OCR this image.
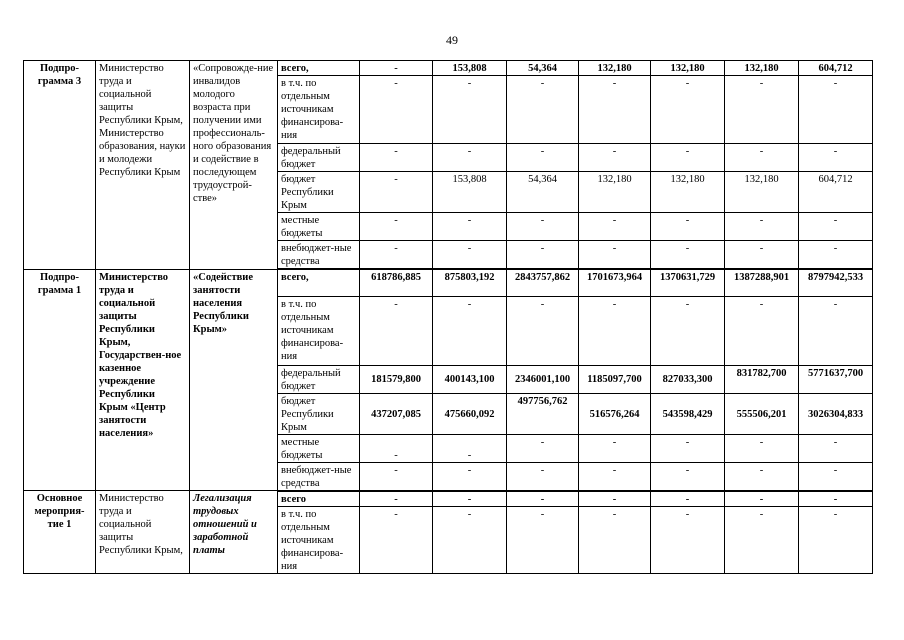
49
Подпро-
грамма 3	Министерство труда и социальной защиты Республики Крым, Министерство образования, науки и молодежи Республики Крым	«Сопровожде-ние инвалидов молодого возраста при получении ими профессиональ-ного образования и содействие в последующем трудоустрой-стве»	всего,	-	153,808	54,364	132,180	132,180	132,180	604,712
			в т.ч. по отдельным источникам финансирова-ния	-	-	-	-	-	-	-
			федеральный бюджет	-	-	-	-	-	-	-
			бюджет Республики Крым	-	153,808	54,364	132,180	132,180	132,180	604,712
			местные бюджеты	-	-	-	-	-	-	-
			внебюджет-ные средства	-	-	-	-	-	-	-
Подпро-
грамма 1	Министерство труда и социальной защиты Республики Крым, Государствен-ное казенное учреждение Республики Крым «Центр занятости населения»	«Содействие занятости населения Республики Крым»	всего,	618786,885	875803,192	2843757,862	1701673,964	1370631,729	1387288,901	8797942,533
			в т.ч. по отдельным источникам финансирова-ния	-	-	-	-	-	-	-
			федеральный бюджет	181579,800	400143,100	2346001,100	1185097,700	827033,300	831782,700	5771637,700
			бюджет Республики Крым	437207,085	475660,092	497756,762	516576,264	543598,429	555506,201	3026304,833
			местные бюджеты	-	-	-	-	-	-	-
			внебюджет-ные средства	-	-	-	-	-	-	-
Основное
мероприя-
тие 1	Министерство труда и социальной защиты Республики Крым,	Легализация трудовых отношений и заработной платы	всего	-	-	-	-	-	-	-
			в т.ч. по отдельным источникам финансирова-ния	-	-	-	-	-	-	-
